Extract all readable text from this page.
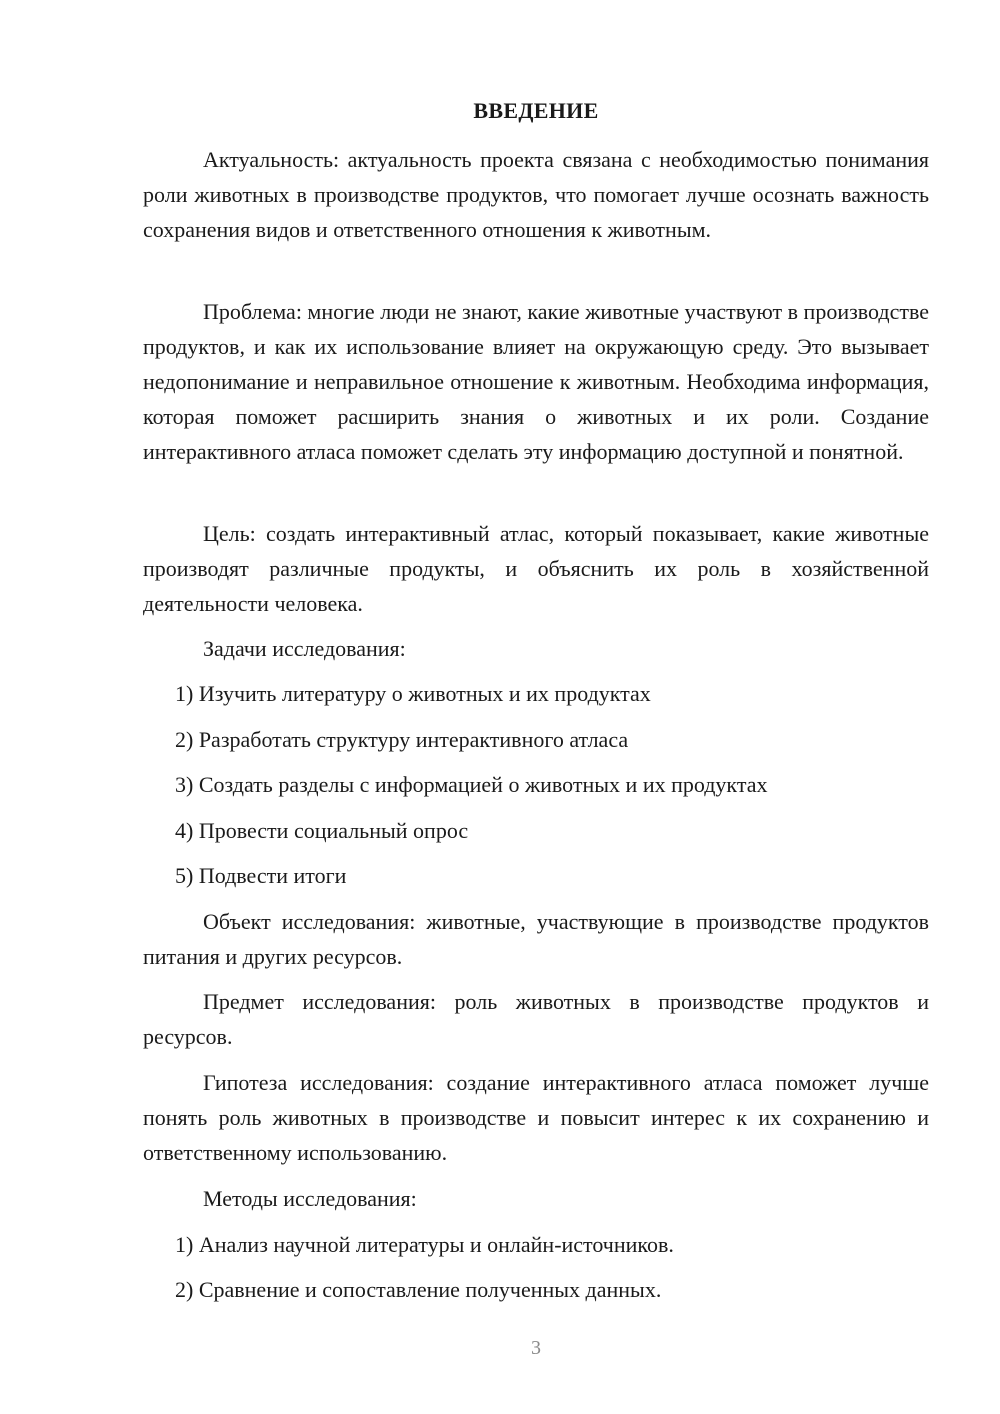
ВВЕДЕНИЕ

Актуальность: актуальность проекта связана с необходимостью понимания роли животных в производстве продуктов, что помогает лучше осознать важность сохранения видов и ответственного отношения к животным.

Проблема: многие люди не знают, какие животные участвуют в производстве продуктов, и как их использование влияет на окружающую среду. Это вызывает недопонимание и неправильное отношение к животным. Необходима информация, которая поможет расширить знания о животных и их роли. Создание интерактивного атласа поможет сделать эту информацию доступной и понятной.

Цель: создать интерактивный атлас, который показывает, какие животные производят различные продукты, и объяснить их роль в хозяйственной деятельности человека.

Задачи исследования:

1) Изучить литературу о животных и их продуктах

2) Разработать структуру интерактивного атласа

3) Создать разделы с информацией о животных и их продуктах

4) Провести социальный опрос

5) Подвести итоги

Объект исследования: животные, участвующие в производстве продуктов питания и других ресурсов.

Предмет исследования: роль животных в производстве продуктов и ресурсов.

Гипотеза исследования: создание интерактивного атласа поможет лучше понять роль животных в производстве и повысит интерес к их сохранению и ответственному использованию.

Методы исследования:

1) Анализ научной литературы и онлайн-источников.

2) Сравнение и сопоставление полученных данных.

3
